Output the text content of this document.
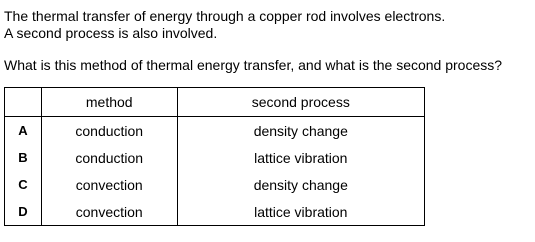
The thermal transfer of energy through a copper rod involves electrons.
A second process is also involved.
What is this method of thermal energy transfer, and what is the second process?
	method	second process
A	conduction	density change
B	conduction	lattice vibration
C	convection	density change
D	convection	lattice vibration
